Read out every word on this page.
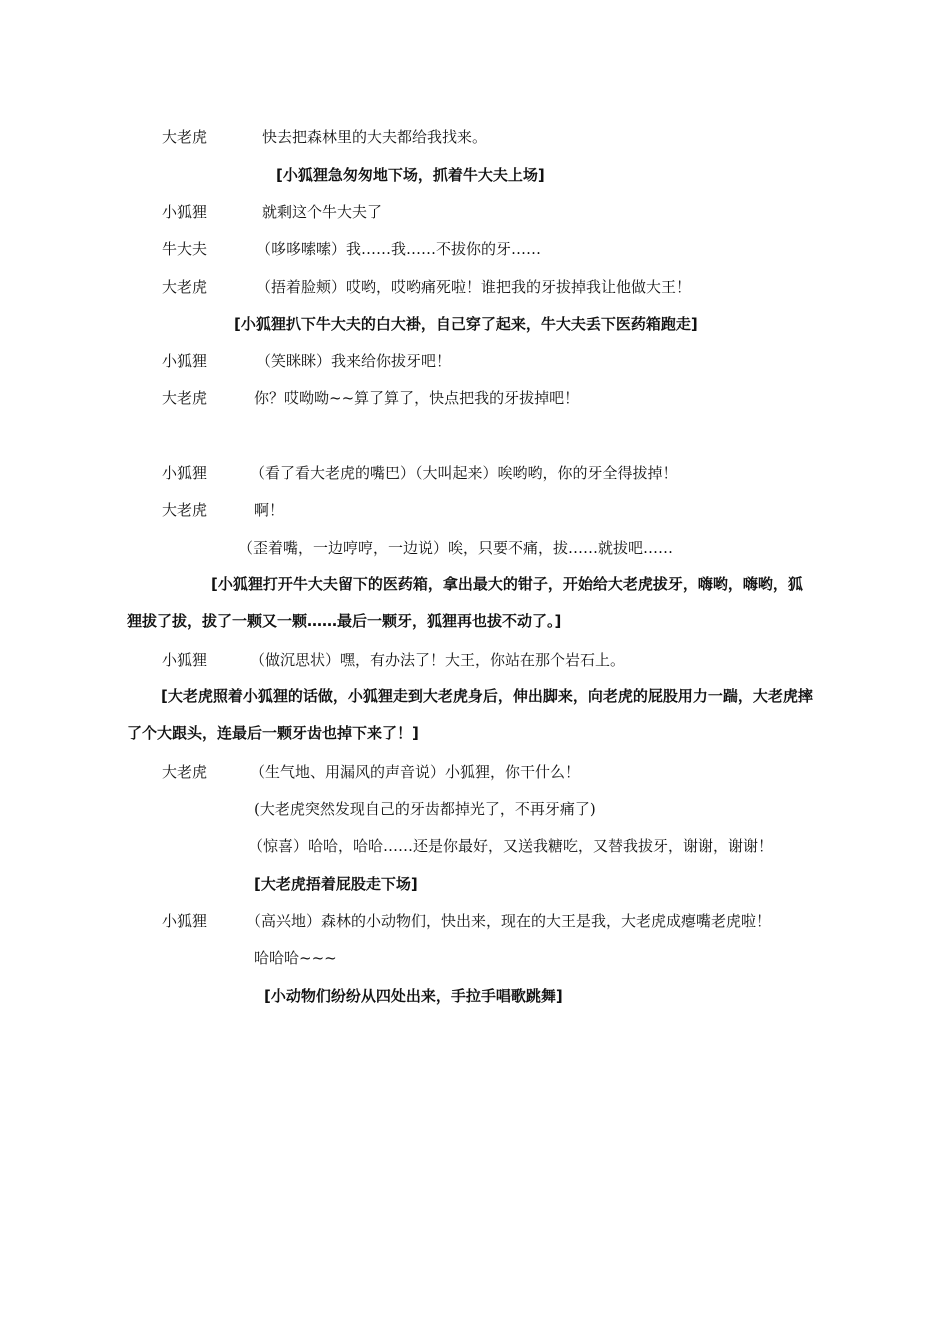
大老虎	快去把森林里的大夫都给我找来。
[小狐狸急匆匆地下场，抓着牛大夫上场]
小狐狸	就剩这个牛大夫了
牛大夫	（哆哆嗦嗦）我……我……不拔你的牙……
大老虎	（捂着脸颊）哎哟，哎哟痛死啦！谁把我的牙拔掉我让他做大王！
[小狐狸扒下牛大夫的白大褂，自己穿了起来，牛大夫丢下医药箱跑走]
小狐狸	（笑眯眯）我来给你拔牙吧！
大老虎	你？哎呦呦~~算了算了，快点把我的牙拔掉吧！
小狐狸	（看了看大老虎的嘴巴）（大叫起来）唉哟哟，你的牙全得拔掉！
大老虎	啊！
（歪着嘴，一边哼哼，一边说）唉，只要不痛，拔……就拔吧……
[小狐狸打开牛大夫留下的医药箱，拿出最大的钳子，开始给大老虎拔牙，嗨哟，嗨哟，狐狸拔了拔，拔了一颗又一颗……最后一颗牙，狐狸再也拔不动了。]
小狐狸	（做沉思状）嘿，有办法了！大王，你站在那个岩石上。
[大老虎照着小狐狸的话做，小狐狸走到大老虎身后，伸出脚来，向老虎的屁股用力一踹，大老虎摔了个大跟头，连最后一颗牙齿也掉下来了！]
大老虎	（生气地、用漏风的声音说）小狐狸，你干什么！
(大老虎突然发现自己的牙齿都掉光了，不再牙痛了)
（惊喜）哈哈，哈哈……还是你最好，又送我糖吃，又替我拔牙，谢谢，谢谢！
[大老虎捂着屁股走下场]
小狐狸	（高兴地）森林的小动物们，快出来，现在的大王是我，大老虎成瘪嘴老虎啦！
哈哈哈~~~
[小动物们纷纷从四处出来，手拉手唱歌跳舞]
